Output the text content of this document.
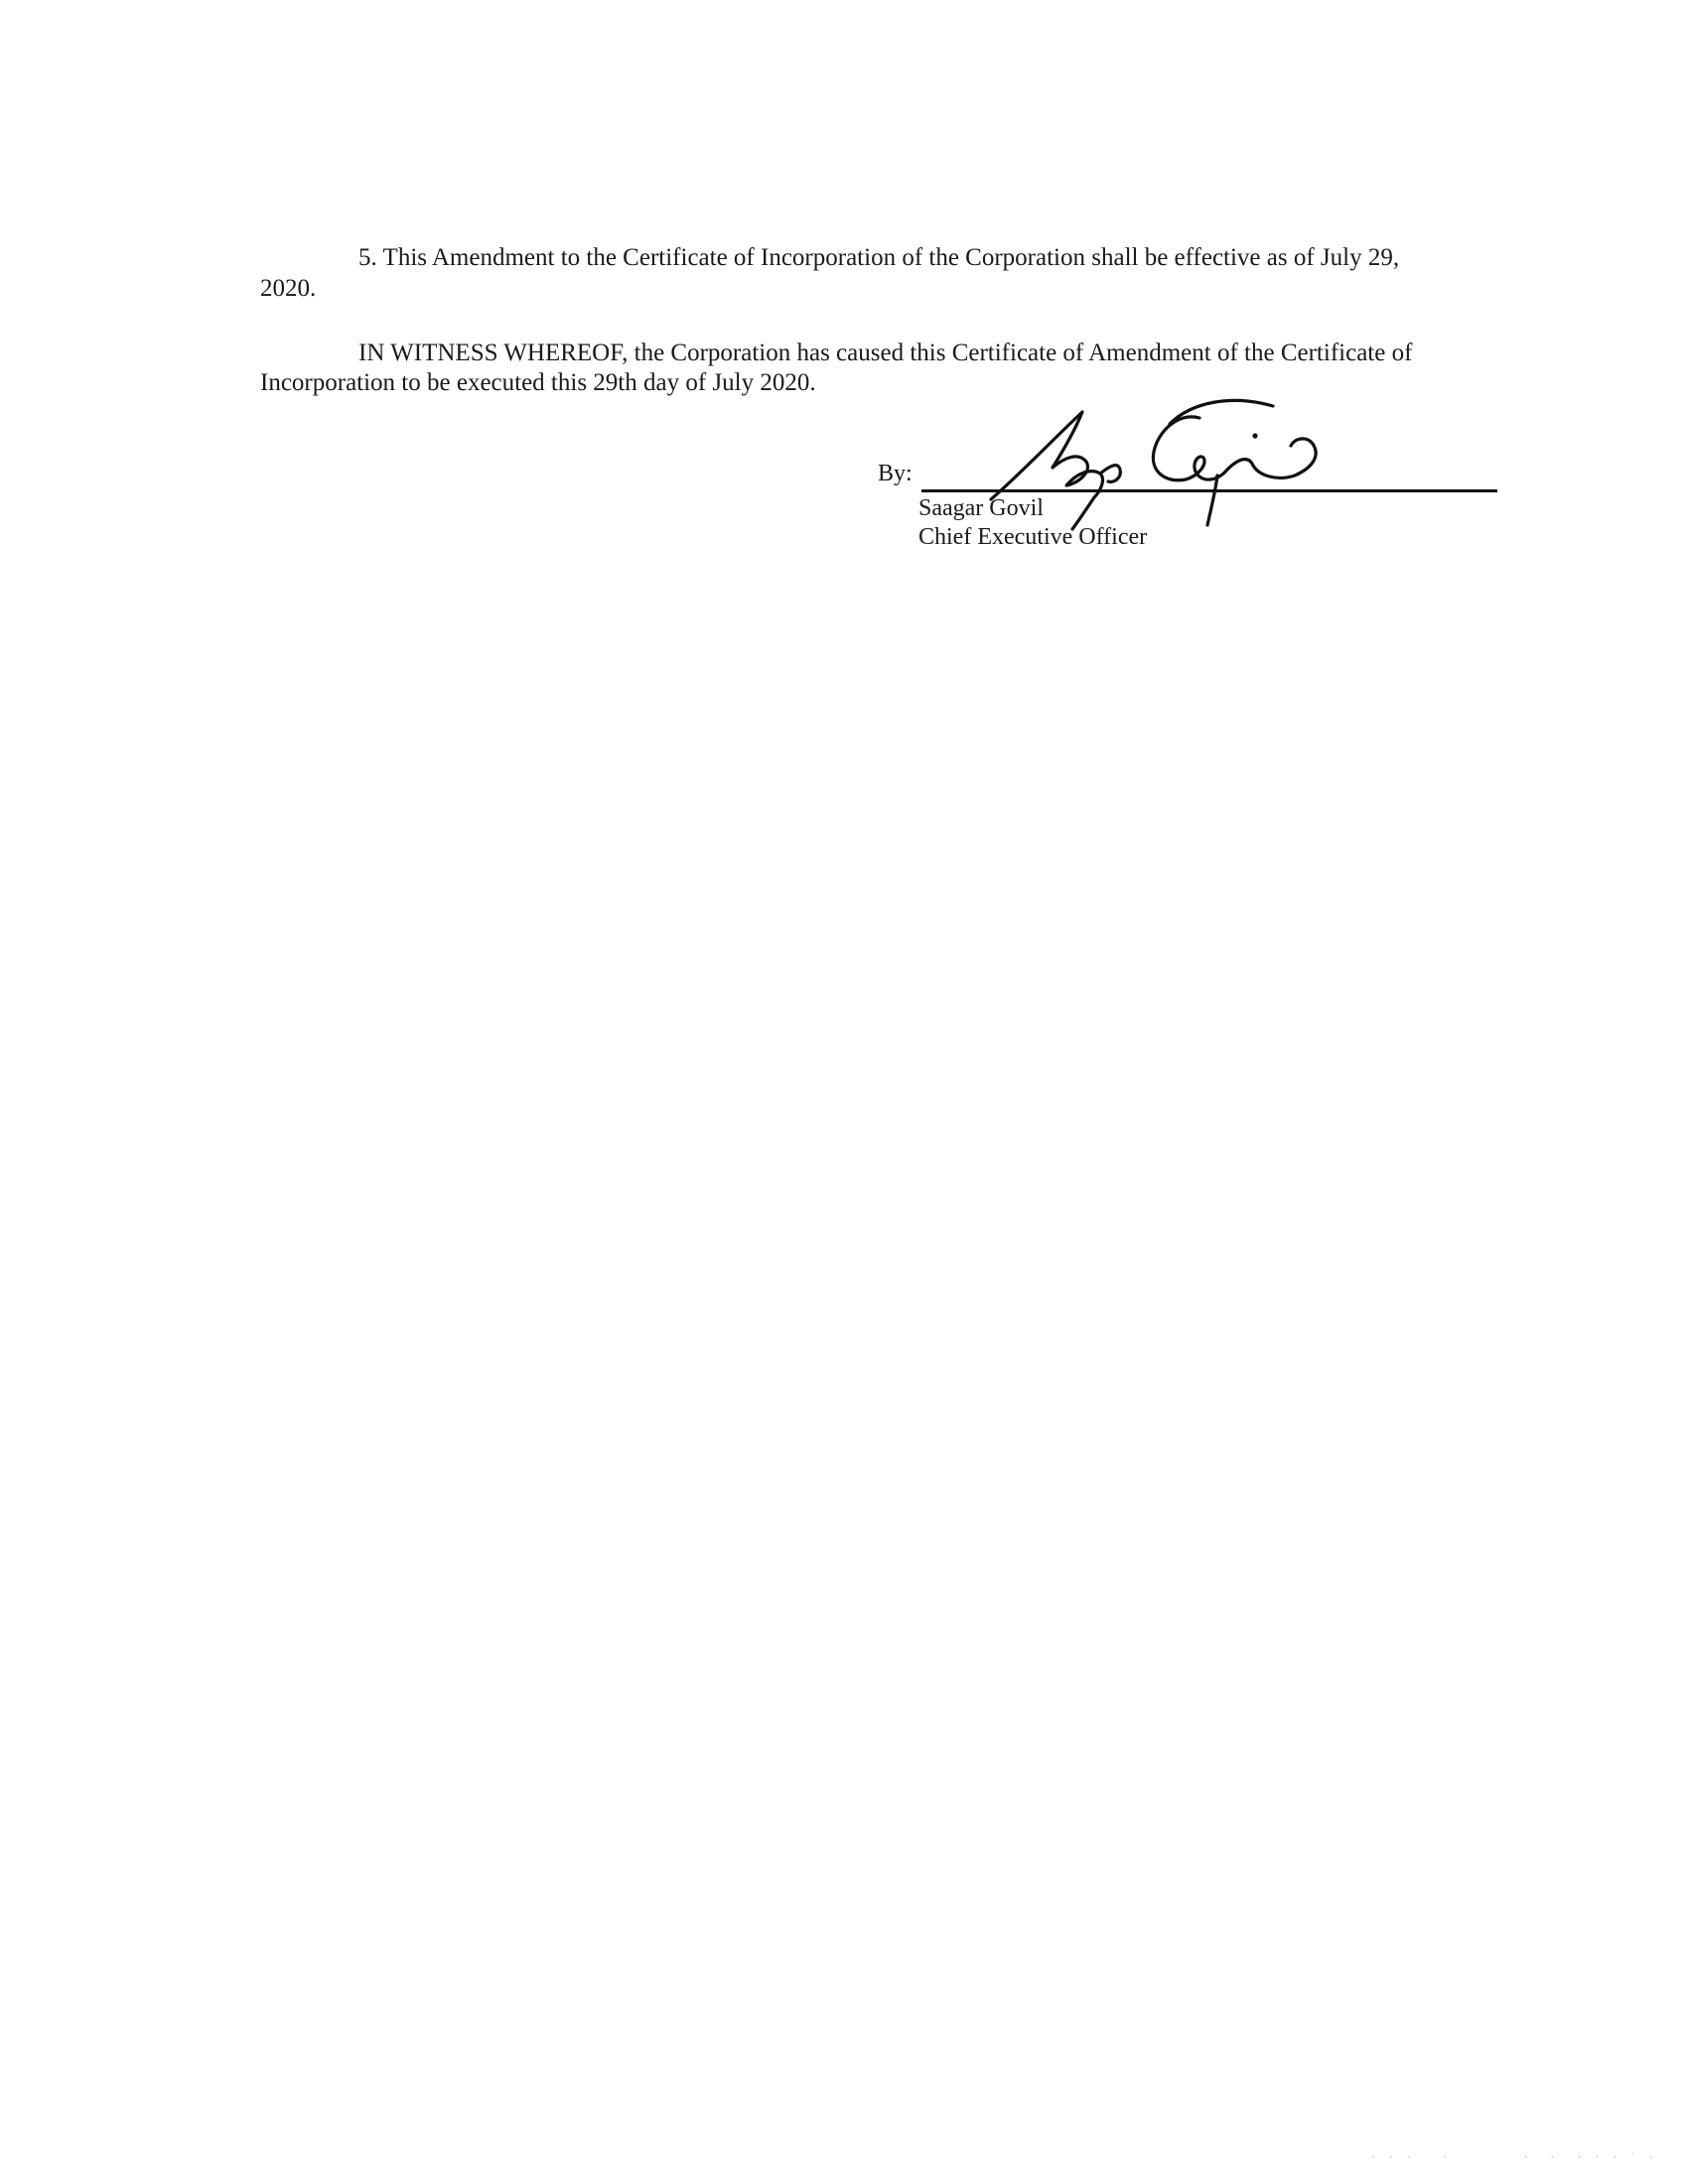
5. This Amendment to the Certificate of Incorporation of the Corporation shall be effective as of July 29,
2020.
IN WITNESS WHEREOF, the Corporation has caused this Certificate of Amendment of the Certificate of
Incorporation to be executed this 29th day of July 2020.
By:
Saagar Govil
Chief Executive Officer
· · ·   ·        ·  ·  · · · ˙ -
